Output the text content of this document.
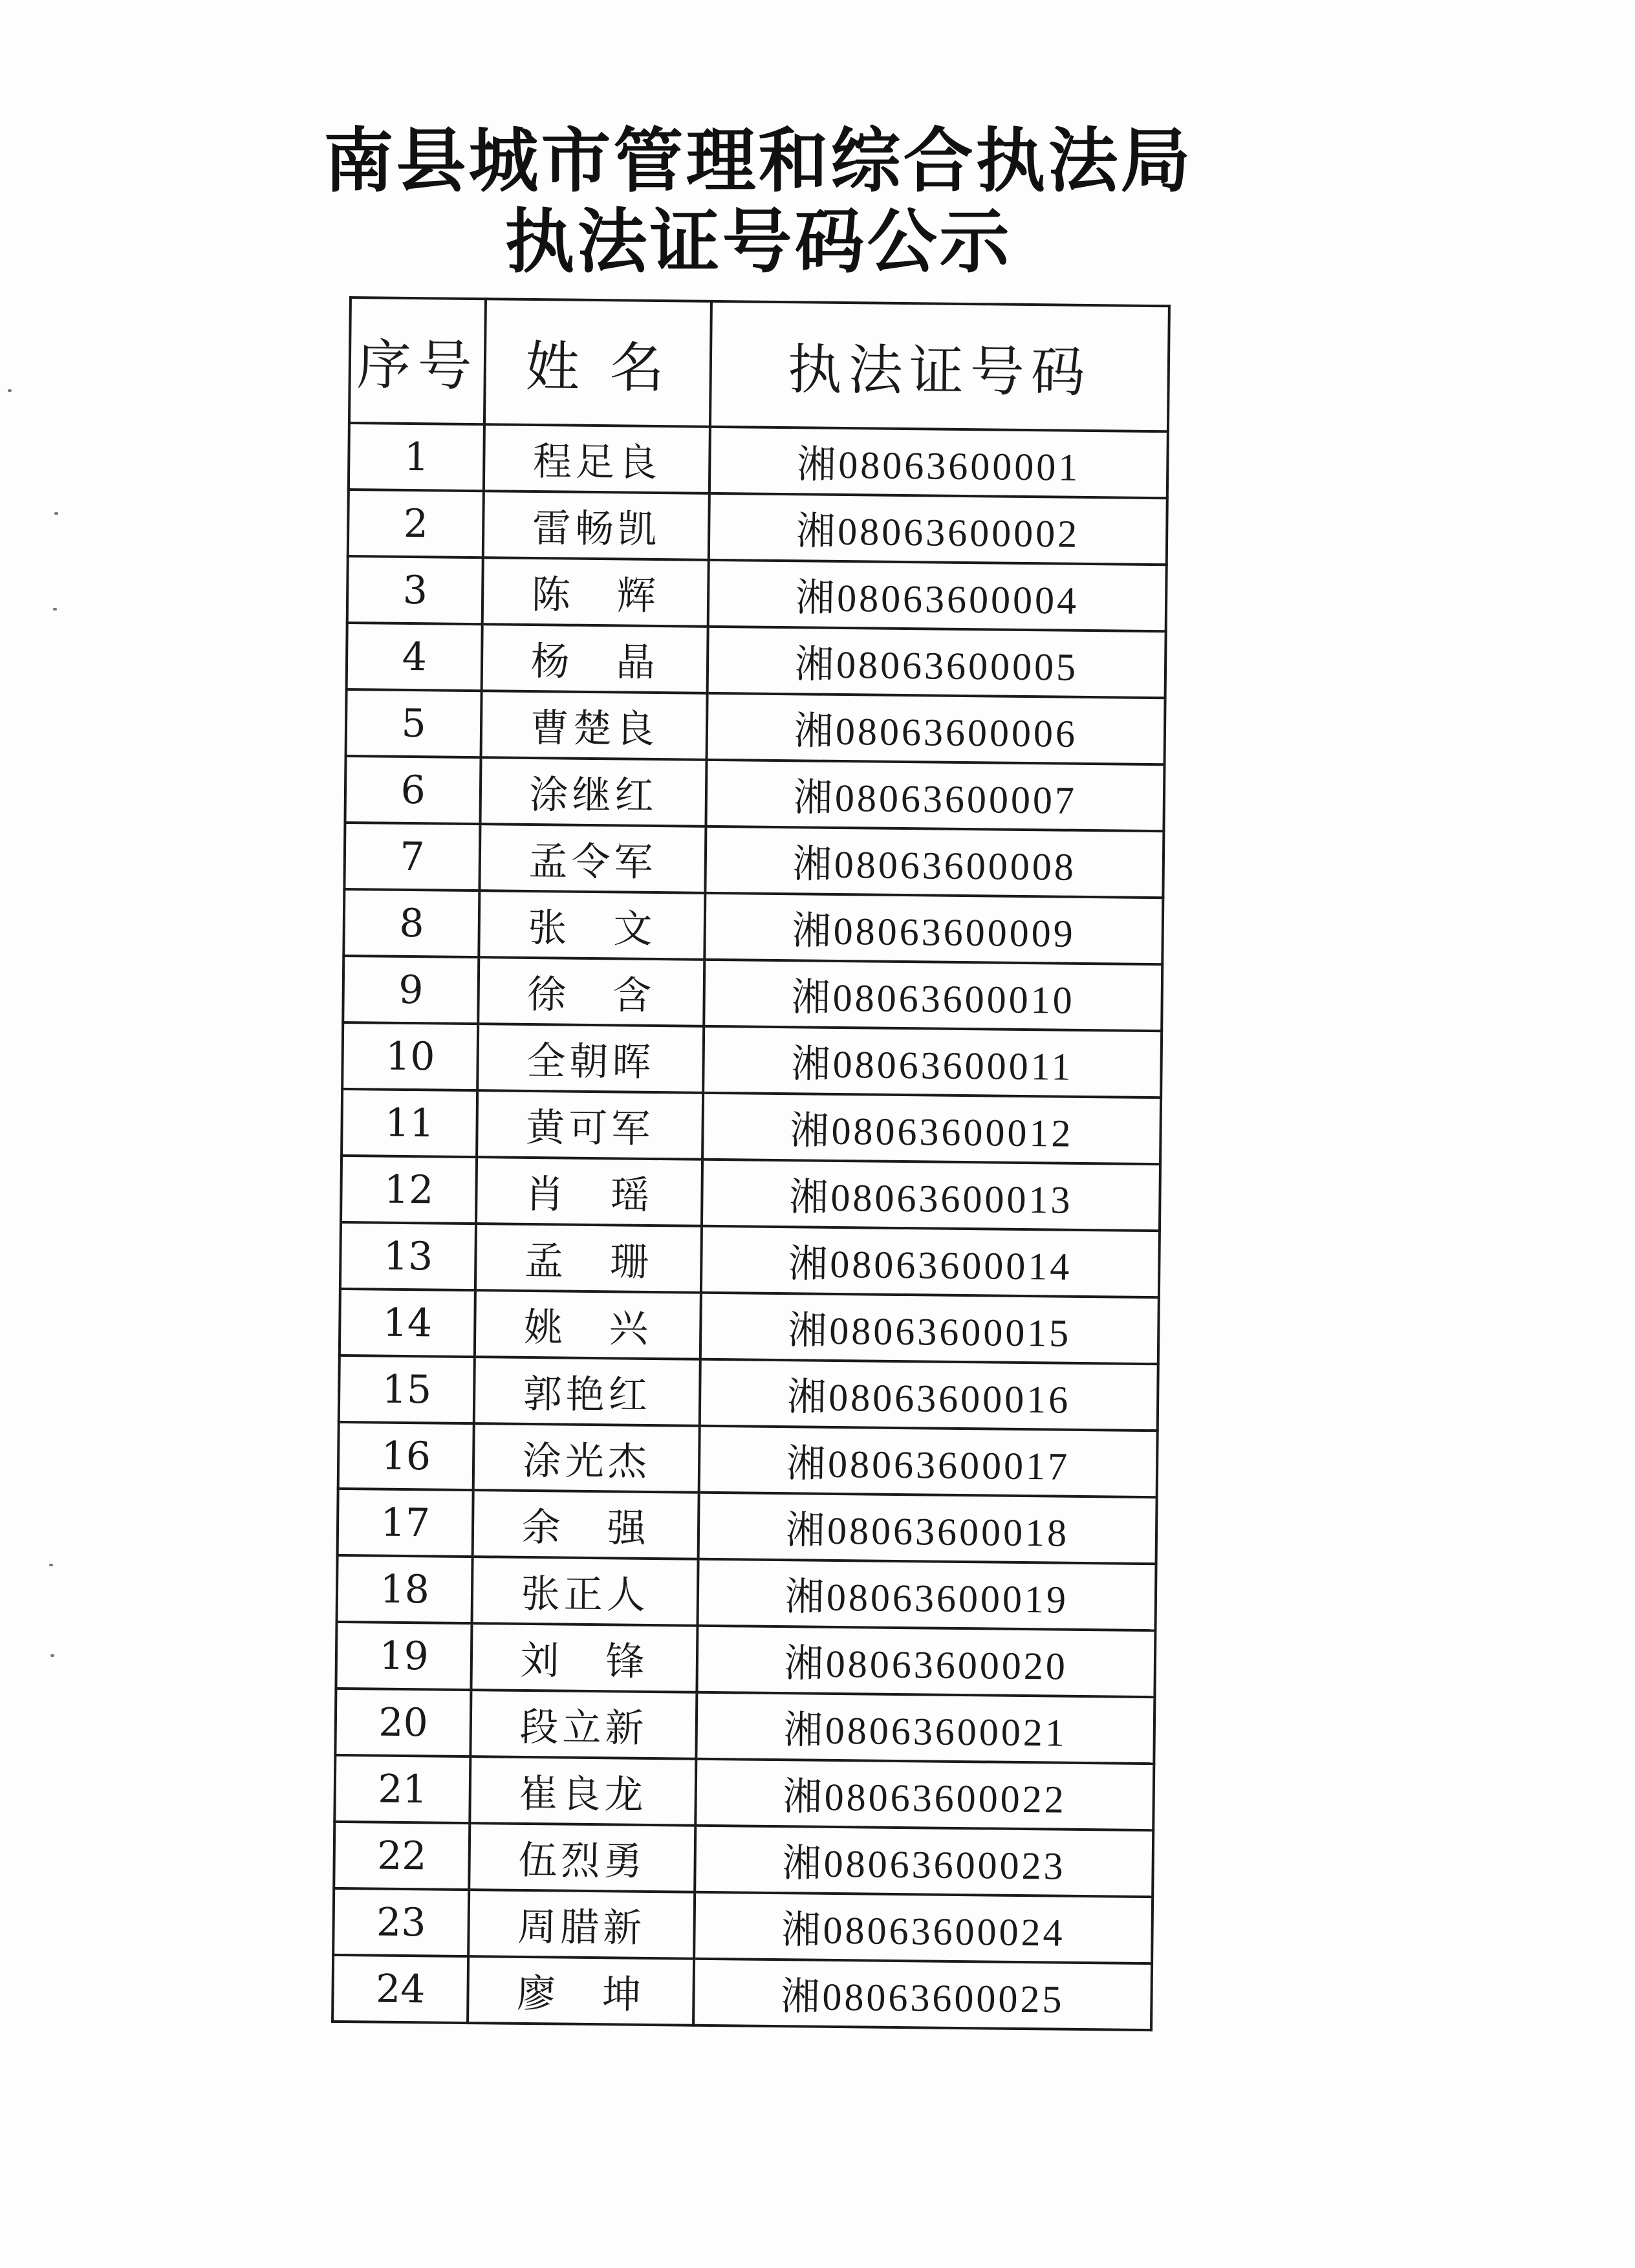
南县城市管理和综合执法局
执法证号码公示
序号	姓 名	执法证号码
1	程足良	湘08063600001
2	雷畅凯	湘08063600002
3	陈　辉	湘08063600004
4	杨　晶	湘08063600005
5	曹楚良	湘08063600006
6	涂继红	湘08063600007
7	孟令军	湘08063600008
8	张　文	湘08063600009
9	徐　含	湘08063600010
10	全朝晖	湘08063600011
11	黄可军	湘08063600012
12	肖　瑶	湘08063600013
13	孟　珊	湘08063600014
14	姚　兴	湘08063600015
15	郭艳红	湘08063600016
16	涂光杰	湘08063600017
17	余　强	湘08063600018
18	张正人	湘08063600019
19	刘　锋	湘08063600020
20	段立新	湘08063600021
21	崔良龙	湘08063600022
22	伍烈勇	湘08063600023
23	周腊新	湘08063600024
24	廖　坤	湘08063600025
